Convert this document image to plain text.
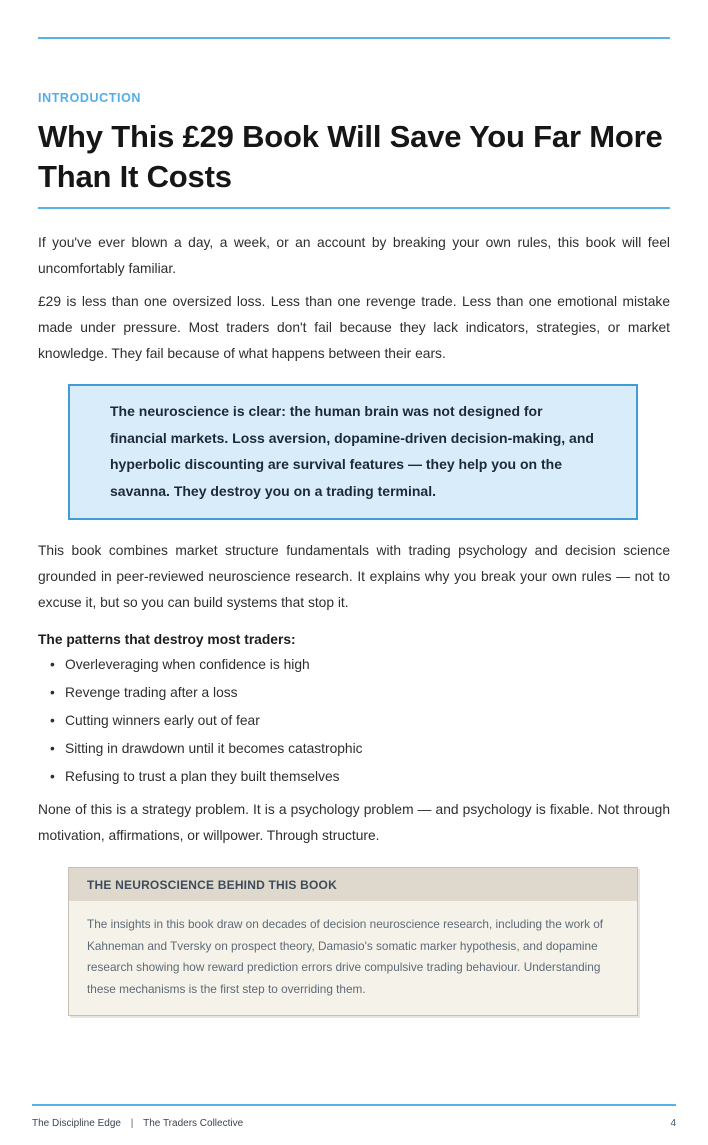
INTRODUCTION
Why This £29 Book Will Save You Far More Than It Costs

If you've ever blown a day, a week, or an account by breaking your own rules, this book will feel uncomfortably familiar.

£29 is less than one oversized loss. Less than one revenge trade. Less than one emotional mistake made under pressure. Most traders don't fail because they lack indicators, strategies, or market knowledge. They fail because of what happens between their ears.

The neuroscience is clear: the human brain was not designed for financial markets. Loss aversion, dopamine-driven decision-making, and hyperbolic discounting are survival features — they help you on the savanna. They destroy you on a trading terminal.

This book combines market structure fundamentals with trading psychology and decision science grounded in peer-reviewed neuroscience research. It explains why you break your own rules — not to excuse it, but so you can build systems that stop it.

The patterns that destroy most traders:
• Overleveraging when confidence is high
• Revenge trading after a loss
• Cutting winners early out of fear
• Sitting in drawdown until it becomes catastrophic
• Refusing to trust a plan they built themselves

None of this is a strategy problem. It is a psychology problem — and psychology is fixable. Not through motivation, affirmations, or willpower. Through structure.

THE NEUROSCIENCE BEHIND THIS BOOK
The insights in this book draw on decades of decision neuroscience research, including the work of Kahneman and Tversky on prospect theory, Damasio's somatic marker hypothesis, and dopamine research showing how reward prediction errors drive compulsive trading behaviour. Understanding these mechanisms is the first step to overriding them.
The Discipline Edge | The Traders Collective	4
